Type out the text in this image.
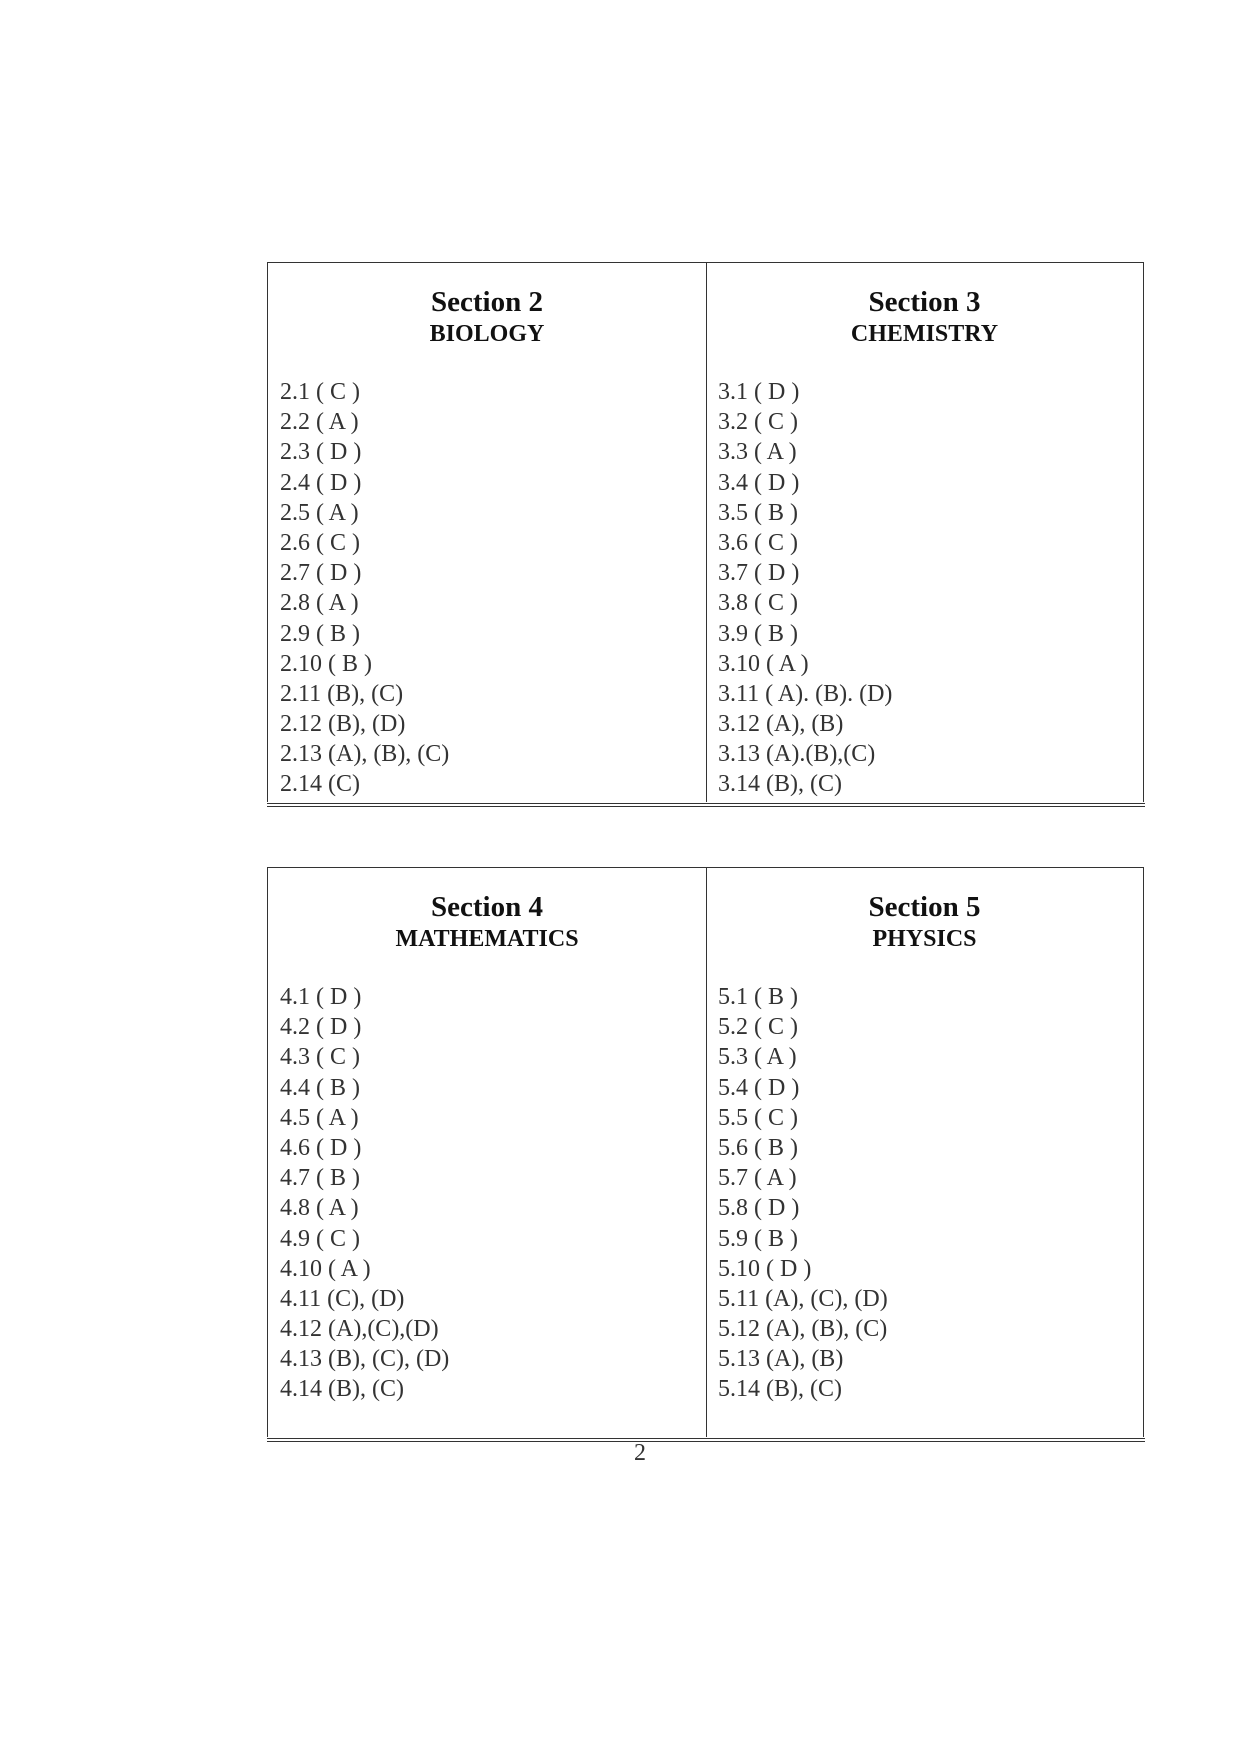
Section 2
BIOLOGY
2.1 ( C )
2.2 ( A )
2.3 ( D )
2.4 ( D )
2.5 ( A )
2.6 ( C )
2.7 ( D )
2.8 ( A )
2.9 ( B )
2.10 ( B )
2.11 (B), (C)
2.12 (B), (D)
2.13 (A), (B), (C)
2.14 (C)
Section 3
CHEMISTRY
3.1 ( D )
3.2 ( C )
3.3 ( A )
3.4 ( D )
3.5 ( B )
3.6 ( C )
3.7 ( D )
3.8 ( C )
3.9 ( B )
3.10 ( A )
3.11 ( A). (B). (D)
3.12 (A), (B)
3.13 (A).(B),(C)
3.14 (B), (C)
Section 4
MATHEMATICS
4.1 ( D )
4.2 ( D )
4.3 ( C )
4.4 ( B )
4.5 ( A )
4.6 ( D )
4.7 ( B )
4.8 ( A )
4.9 ( C )
4.10 ( A )
4.11 (C), (D)
4.12 (A),(C),(D)
4.13 (B), (C), (D)
4.14 (B), (C)
Section 5
PHYSICS
5.1 ( B )
5.2 ( C )
5.3 ( A )
5.4 ( D )
5.5 ( C )
5.6 ( B )
5.7 ( A )
5.8 ( D )
5.9 ( B )
5.10 ( D )
5.11 (A), (C), (D)
5.12 (A), (B), (C)
5.13 (A), (B)
5.14 (B), (C)
2
